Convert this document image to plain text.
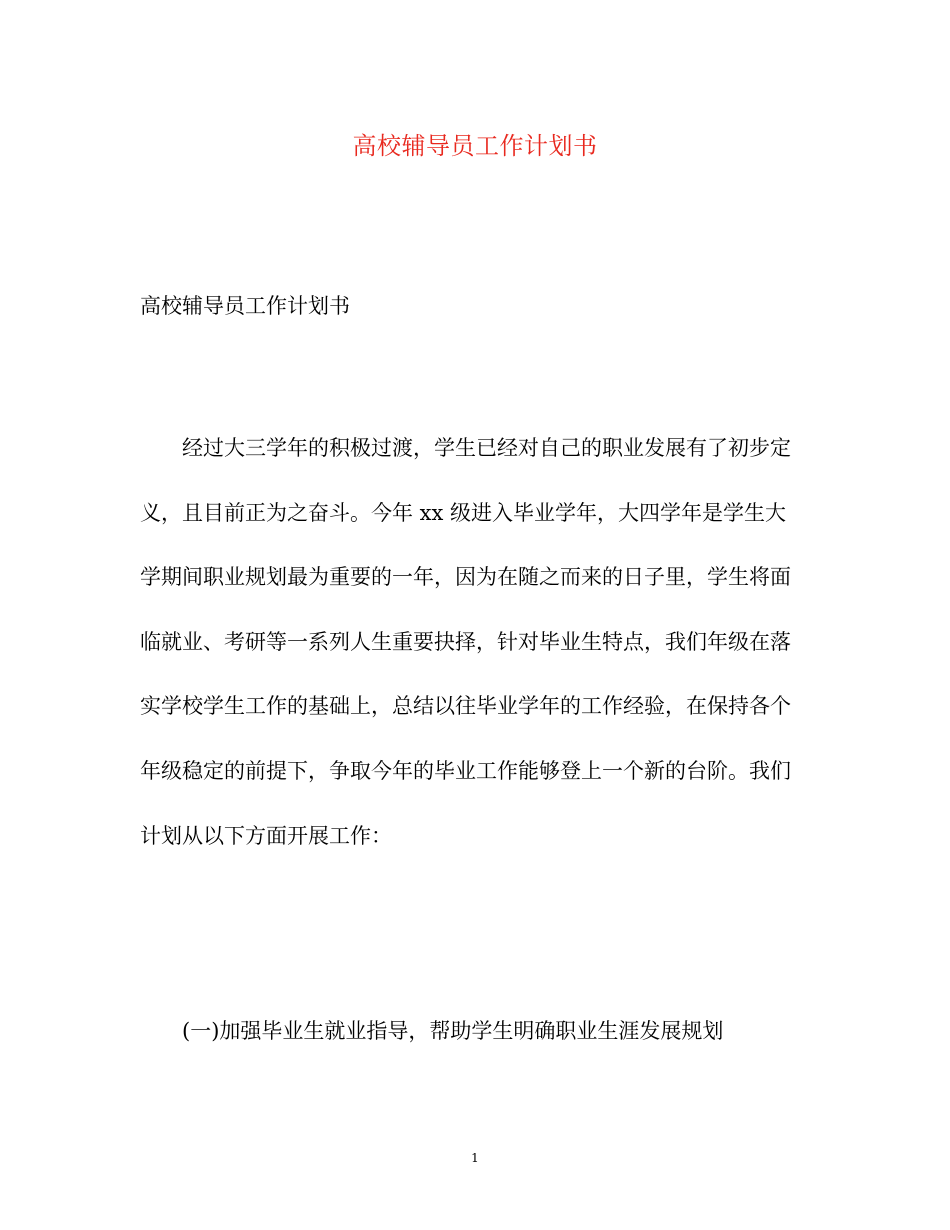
高校辅导员工作计划书
高校辅导员工作计划书
经过大三学年的积极过渡，学生已经对自己的职业发展有了初步定
义，且目前正为之奋斗。今年 xx 级进入毕业学年，大四学年是学生大
学期间职业规划最为重要的一年，因为在随之而来的日子里，学生将面
临就业、考研等一系列人生重要抉择，针对毕业生特点，我们年级在落
实学校学生工作的基础上，总结以往毕业学年的工作经验，在保持各个
年级稳定的前提下，争取今年的毕业工作能够登上一个新的台阶。我们
计划从以下方面开展工作：
(一)加强毕业生就业指导，帮助学生明确职业生涯发展规划
1
